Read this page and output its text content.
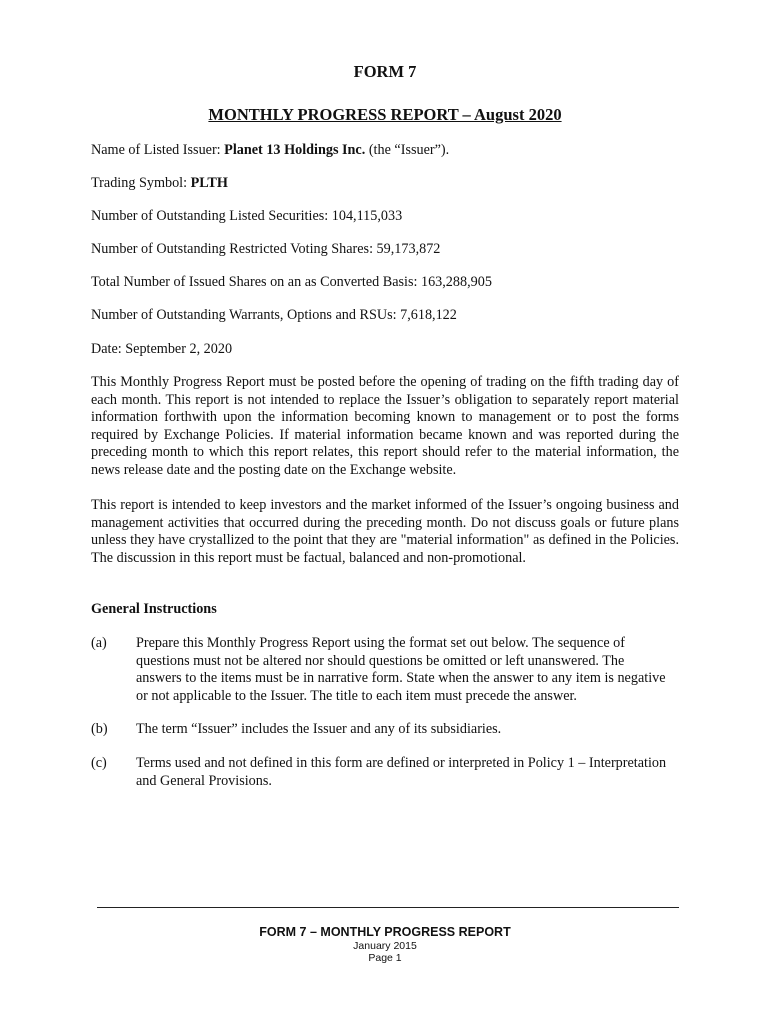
FORM 7
MONTHLY PROGRESS REPORT – August 2020
Name of Listed Issuer: Planet 13 Holdings Inc. (the “Issuer”).
Trading Symbol: PLTH
Number of Outstanding Listed Securities: 104,115,033
Number of Outstanding Restricted Voting Shares: 59,173,872
Total Number of Issued Shares on an as Converted Basis: 163,288,905
Number of Outstanding Warrants, Options and RSUs: 7,618,122
Date: September 2, 2020
This Monthly Progress Report must be posted before the opening of trading on the fifth trading day of each month. This report is not intended to replace the Issuer’s obligation to separately report material information forthwith upon the information becoming known to management or to post the forms required by Exchange Policies. If material information became known and was reported during the preceding month to which this report relates, this report should refer to the material information, the news release date and the posting date on the Exchange website.
This report is intended to keep investors and the market informed of the Issuer’s ongoing business and management activities that occurred during the preceding month. Do not discuss goals or future plans unless they have crystallized to the point that they are "material information" as defined in the Policies. The discussion in this report must be factual, balanced and non-promotional.
General Instructions
(a) Prepare this Monthly Progress Report using the format set out below. The sequence of questions must not be altered nor should questions be omitted or left unanswered. The answers to the items must be in narrative form. State when the answer to any item is negative or not applicable to the Issuer. The title to each item must precede the answer.
(b) The term “Issuer” includes the Issuer and any of its subsidiaries.
(c) Terms used and not defined in this form are defined or interpreted in Policy 1 – Interpretation and General Provisions.
FORM 7 – MONTHLY PROGRESS REPORT
January 2015
Page 1
